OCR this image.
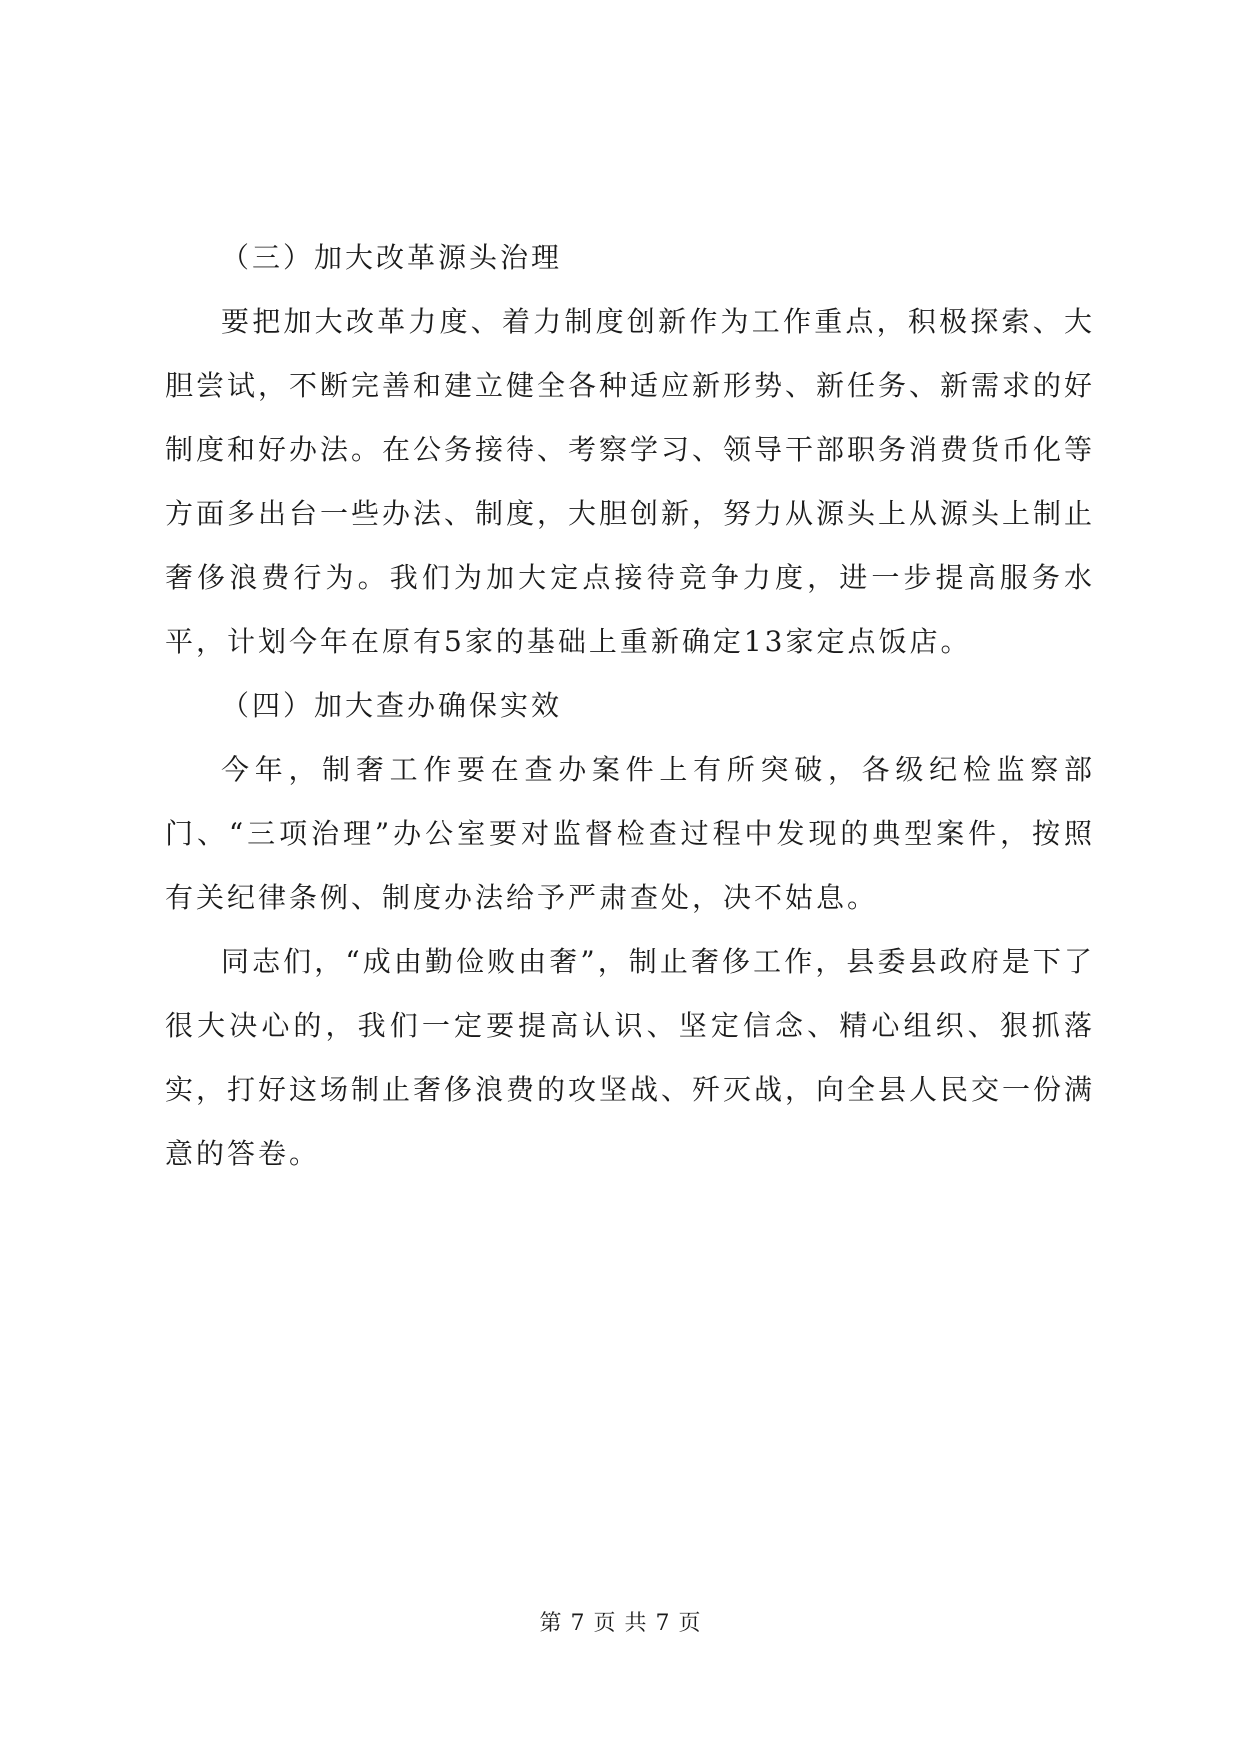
（三）加大改革源头治理

要把加大改革力度、着力制度创新作为工作重点，积极探索、大胆尝试，不断完善和建立健全各种适应新形势、新任务、新需求的好制度和好办法。在公务接待、考察学习、领导干部职务消费货币化等方面多出台一些办法、制度，大胆创新，努力从源头上从源头上制止奢侈浪费行为。我们为加大定点接待竞争力度，进一步提高服务水平，计划今年在原有5家的基础上重新确定13家定点饭店。

（四）加大查办确保实效

今年，制奢工作要在查办案件上有所突破，各级纪检监察部门、“三项治理”办公室要对监督检查过程中发现的典型案件，按照有关纪律条例、制度办法给予严肃查处，决不姑息。

同志们，“成由勤俭败由奢”，制止奢侈工作，县委县政府是下了很大决心的，我们一定要提高认识、坚定信念、精心组织、狠抓落实，打好这场制止奢侈浪费的攻坚战、歼灭战，向全县人民交一份满意的答卷。

第 7 页 共 7 页
